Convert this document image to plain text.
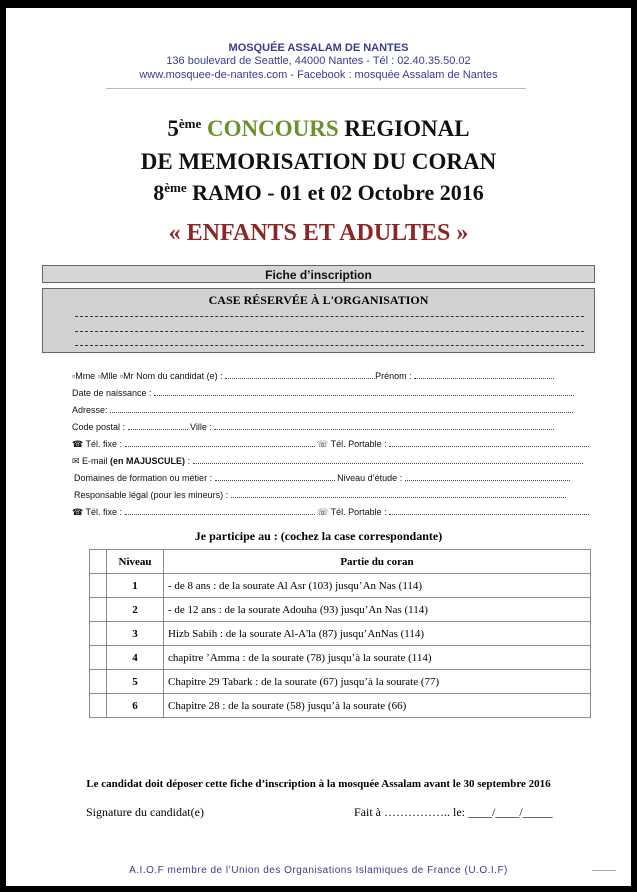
MOSQUÉE ASSALAM DE NANTES
136 boulevard de Seattle, 44000 Nantes - Tél : 02.40.35.50.02
www.mosquee-de-nantes.com - Facebook : mosquée Assalam de Nantes
5ème CONCOURS REGIONAL
DE MEMORISATION DU CORAN
8ème RAMO - 01 et 02 Octobre 2016
« ENFANTS ET ADULTES »
Fiche d’inscription
CASE RÉSERVÉE À L'ORGANISATION
▫Mme ▫Mlle ▫Mr Nom du candidat (e) :	Prénom :
Date de naissance :
Adresse:
Code postal :	Ville :
☎ Tél. fixe :	☏ Tél. Portable :
✉ E-mail (en MAJUSCULE) :
Domaines de formation ou métier :	Niveau d’étude :
Responsable légal (pour les mineurs) :
☎ Tél. fixe :	☏ Tél. Portable :
Je participe au : (cochez la case correspondante)
	Niveau	Partie du coran
	1	- de 8 ans : de la sourate Al Asr (103) jusqu’An Nas (114)
	2	- de 12 ans : de la sourate Adouha (93) jusqu’An Nas (114)
	3	Hizb Sabih : de la sourate Al-A'la (87) jusqu’AnNas (114)
	4	chapitre ’Amma : de la sourate (78) jusqu’à la sourate (114)
	5	Chapitre 29 Tabark : de la sourate (67) jusqu’à la sourate (77)
	6	Chapitre 28 : de la sourate (58) jusqu’à la sourate (66)
Le candidat doit déposer cette fiche d’inscription à la mosquée Assalam avant le 30 septembre 2016
Signature du candidat(e)	Fait à …………….. le: ____/____/_____
A.I.O.F membre de l’Union des Organisations Islamiques de France (U.O.I.F)
